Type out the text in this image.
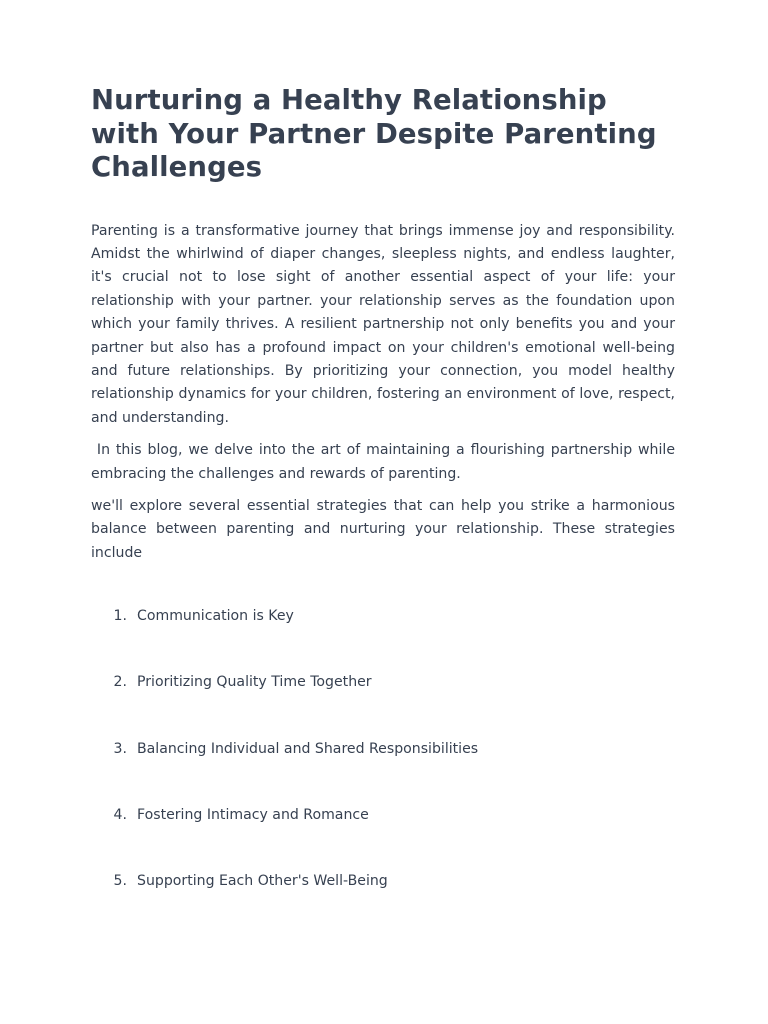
Nurturing a Healthy Relationship with Your Partner Despite Parenting Challenges

Parenting is a transformative journey that brings immense joy and responsibility. Amidst the whirlwind of diaper changes, sleepless nights, and endless laughter, it's crucial not to lose sight of another essential aspect of your life: your relationship with your partner. your relationship serves as the foundation upon which your family thrives. A resilient partnership not only benefits you and your partner but also has a profound impact on your children's emotional well-being and future relationships. By prioritizing your connection, you model healthy relationship dynamics for your children, fostering an environment of love, respect, and understanding.

In this blog, we delve into the art of maintaining a flourishing partnership while embracing the challenges and rewards of parenting.

we'll explore several essential strategies that can help you strike a harmonious balance between parenting and nurturing your relationship. These strategies include

1. Communication is Key
2. Prioritizing Quality Time Together
3. Balancing Individual and Shared Responsibilities
4. Fostering Intimacy and Romance
5. Supporting Each Other's Well-Being
